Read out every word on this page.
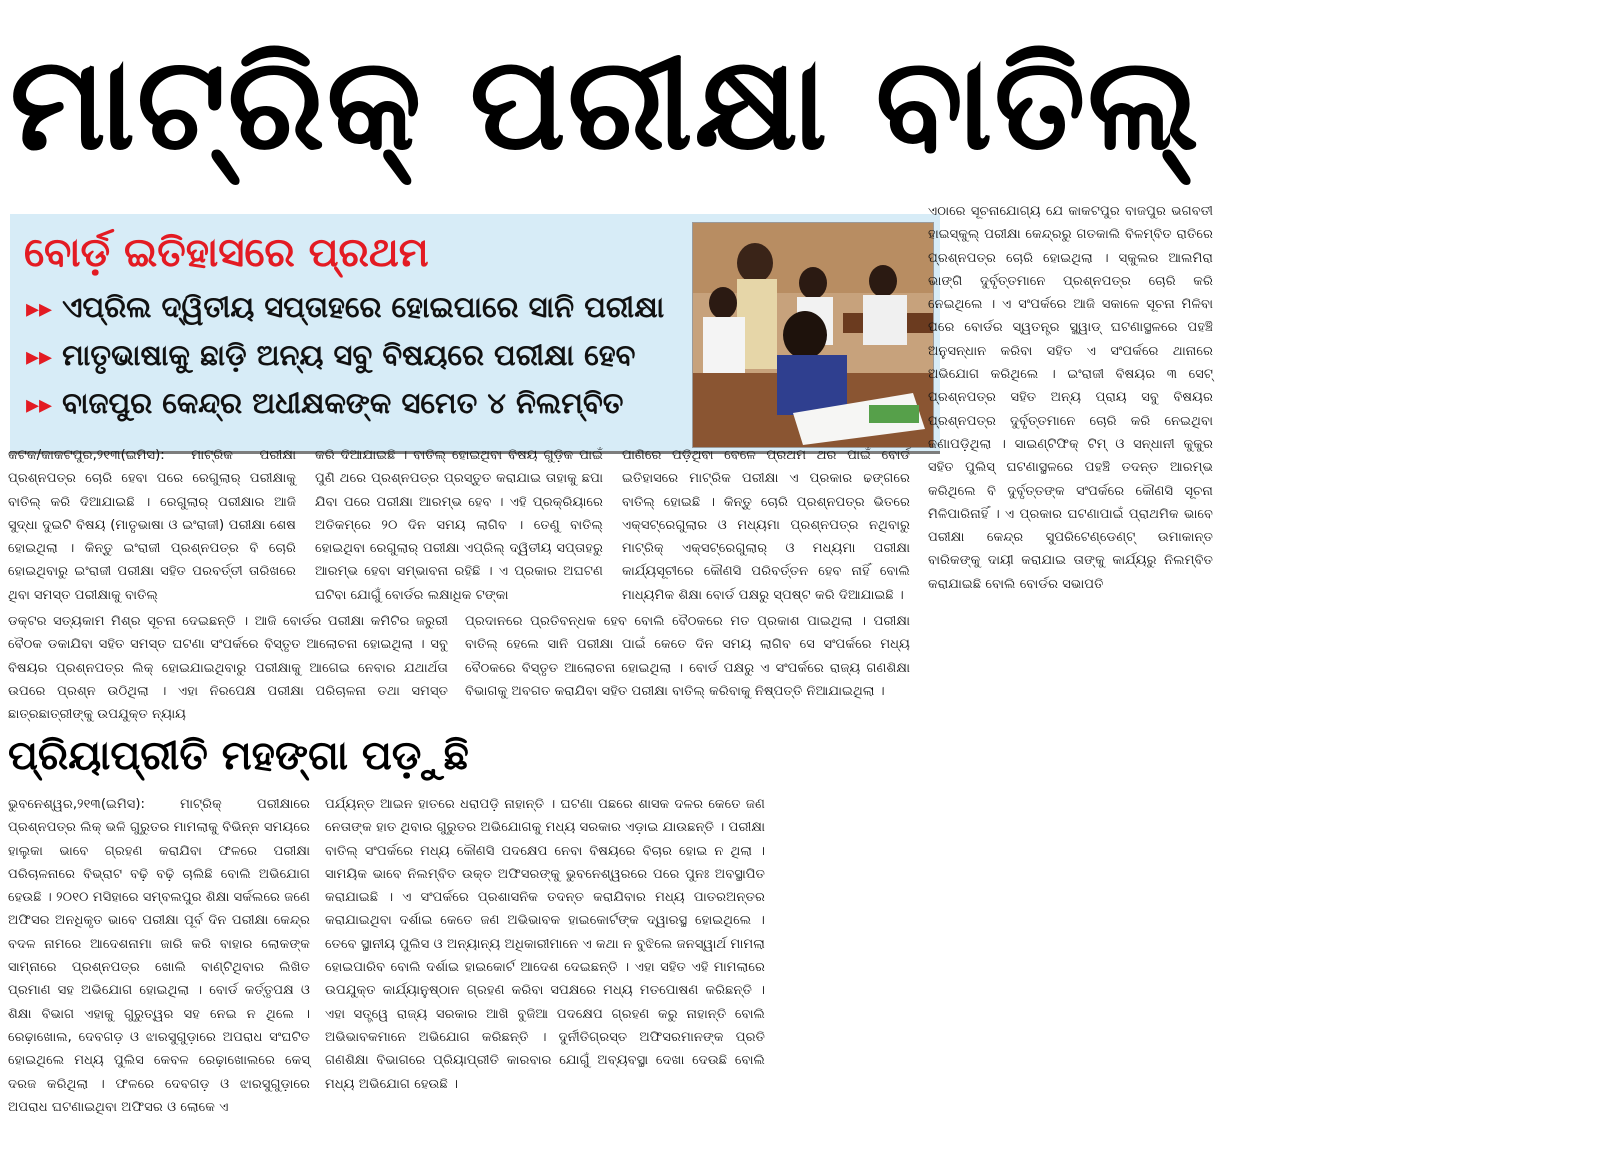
ମାଟ୍ରିକ୍ ପରୀକ୍ଷା ବାତିଲ୍
ବୋର୍ଡ଼ ଇତିହାସରେ ପ୍ରଥମ
▸▸ ଏପ୍ରିଲ ଦ୍ୱିତୀୟ ସପ୍ତାହରେ ହୋଇପାରେ ସାନି ପରୀକ୍ଷା
▸▸ ମାତୃଭାଷାକୁ ଛାଡ଼ି ଅନ୍ୟ ସବୁ ବିଷୟରେ ପରୀକ୍ଷା ହେବ
▸▸ ବାଜପୁର କେନ୍ଦ୍ର ଅଧୀକ୍ଷକଙ୍କ ସମେତ ୪ ନିଲମ୍ବିତ

କଟକ/କାକଟପୁର,୨୧୩(ଇମିସ): ମାଟ୍ରିକ ପରୀକ୍ଷା ପ୍ରଶ୍ନପତ୍ର ଚୋରି ହେବା ପରେ ରେଗୁଲାର୍ ପରୀକ୍ଷାକୁ ବାତିଲ୍ କରି ଦିଆଯାଇଛି । ରେଗୁଲାର୍ ପରୀକ୍ଷାର ଆଜି ସୁଦ୍ଧା ଦୁଇଟି ବିଷୟ (ମାତୃଭାଷା ଓ ଇଂରାଜୀ) ପରୀକ୍ଷା ଶେଷ ହୋଇଥିଲା । କିନ୍ତୁ ଇଂରାଜୀ ପ୍ରଶ୍ନପତ୍ର ବି ଚୋରି ହୋଇଥିବାରୁ ଇଂରାଜୀ ପରୀକ୍ଷା ସହିତ ପରବର୍ତ୍ତୀ ତାରିଖରେ ଥିବା ସମସ୍ତ ପରୀକ୍ଷାକୁ ବାତିଲ୍

କରି ଦିଆଯାଇଛି । ବାତିଲ୍ ହୋଇଥିବା ବିଷୟ ଗୁଡ଼ିକ ପାଇଁ ପୁଣି ଥରେ ପ୍ରଶ୍ନପତ୍ର ପ୍ରସ୍ତୁତ କରାଯାଇ ତାହାକୁ ଛପା ଯିବା ପରେ ପରୀକ୍ଷା ଆରମ୍ଭ ହେବ । ଏହି ପ୍ରକ୍ରିୟାରେ ଅତିକମ୍‌ରେ ୨୦ ଦିନ ସମୟ ଲାଗିବ । ତେଣୁ ବାତିଲ୍ ହୋଇଥିବା ରେଗୁଲାର୍ ପରୀକ୍ଷା ଏପ୍ରିଲ୍ ଦ୍ୱିତୀୟ ସପ୍ତାହରୁ ଆରମ୍ଭ ହେବା ସମ୍ଭାବନା ରହିଛି । ଏ ପ୍ରକାର ଅଘଟଣ ଘଟିବା ଯୋଗୁଁ ବୋର୍ଡର ଲକ୍ଷାଧିକ ଟଙ୍କା

ପାଣିରେ ପଡ଼ିଥିବା ବେଳେ ପ୍ରଥମ ଥର ପାଇଁ ବୋର୍ଡ ଇତିହାସରେ ମାଟ୍ରିକ ପରୀକ୍ଷା ଏ ପ୍ରକାର ଢଙ୍ଗରେ ବାତିଲ୍ ହୋଇଛି । କିନ୍ତୁ ଚୋରି ପ୍ରଶ୍ନପତ୍ର ଭିତରେ ଏକ୍ସଟ୍ରେଗୁଲାର ଓ ମଧ୍ୟମା ପ୍ରଶ୍ନପତ୍ର ନଥିବାରୁ ମାଟ୍ରିକ୍ ଏକ୍ସଟ୍ରେଗୁଲାର୍ ଓ ମଧ୍ୟମା ପରୀକ୍ଷା କାର୍ଯ୍ୟସୂଚୀରେ କୌଣସି ପରିବର୍ତ୍ତନ ହେବ ନାହିଁ ବୋଲି ମାଧ୍ୟମିକ ଶିକ୍ଷା ବୋର୍ଡ ପକ୍ଷରୁ ସ୍ପଷ୍ଟ କରି ଦିଆଯାଇଛି ।

ଡକ୍ଟର ସତ୍ୟକାମ ମିଶ୍ର ସୂଚନା ଦେଇଛନ୍ତି । ଆଜି ବୋର୍ଡର ପରୀକ୍ଷା କମିଟିର ଜରୁରୀ ବୈଠକ ଡକାଯିବା ସହିତ ସମସ୍ତ ଘଟଣା ସଂପର୍କରେ ବିସ୍ତୃତ ଆଲୋଚନା ହୋଇଥିଲା । ସବୁ ବିଷୟର ପ୍ରଶ୍ନପତ୍ର ଲିକ୍ ହୋଇଯାଇଥିବାରୁ ପରୀକ୍ଷାକୁ ଆଗେଇ ନେବାର ଯଥାର୍ଥତା ଉପରେ ପ୍ରଶ୍ନ ଉଠିଥିଲା । ଏହା ନିରପେକ୍ଷ ପରୀକ୍ଷା ପରିଚାଳନା ତଥା ସମସ୍ତ ଛାତ୍ରଛାତ୍ରୀଙ୍କୁ ଉପଯୁକ୍ତ ନ୍ୟାୟ

ପ୍ରଦାନରେ ପ୍ରତିବନ୍ଧକ ହେବ ବୋଲି ବୈଠକରେ ମତ ପ୍ରକାଶ ପାଇଥିଲା । ପରୀକ୍ଷା ବାତିଲ୍ ହେଲେ ସାନି ପରୀକ୍ଷା ପାଇଁ କେତେ ଦିନ ସମୟ ଲାଗିବ ସେ ସଂପର୍କରେ ମଧ୍ୟ ବୈଠକରେ ବିସ୍ତୃତ ଆଲୋଚନା ହୋଇଥିଲା । ବୋର୍ଡ ପକ୍ଷରୁ ଏ ସଂପର୍କରେ ରାଜ୍ୟ ଗଣଶିକ୍ଷା ବିଭାଗକୁ ଅବଗତ କରାଯିବା ସହିତ ପରୀକ୍ଷା ବାତିଲ୍ କରିବାକୁ ନିଷ୍ପତ୍ତି ନିଆଯାଇଥିଲା ।

ଏଠାରେ ସୂଚନାଯୋଗ୍ୟ ଯେ କାକଟପୁର ବାଜପୁର ଭଗବତୀ ହାଇସ୍କୁଲ୍ ପରୀକ୍ଷା କେନ୍ଦ୍ରରୁ ଗତକାଲି ବିଳମ୍ବିତ ରାତିରେ ପ୍ରଶ୍ନପତ୍ର ଚୋରି ହୋଇଥିଲା । ସ୍କୁଲର ଆଲମିରା ଭାଙ୍ଗି ଦୁର୍ବୃତ୍ତମାନେ ପ୍ରଶ୍ନପତ୍ର ଚୋରି କରି ନେଇଥିଲେ । ଏ ସଂପର୍କରେ ଆଜି ସକାଳେ ସୂଚନା ମିଳିବା ପରେ ବୋର୍ଡର ସ୍ୱତନ୍ତ୍ର ସ୍କ୍ୱାଡ୍ ଘଟଣାସ୍ଥଳରେ ପହଞ୍ଚି ଅନୁସନ୍ଧାନ କରିବା ସହିତ ଏ ସଂପର୍କରେ ଥାନାରେ ଅଭିଯୋଗ କରିଥିଲେ । ଇଂରାଜୀ ବିଷୟର ୩ ସେଟ୍ ପ୍ରଶ୍ନପତ୍ର ସହିତ ଅନ୍ୟ ପ୍ରାୟ ସବୁ ବିଷୟର ପ୍ରଶ୍ନପତ୍ର ଦୁର୍ବୃତ୍ତମାନେ ଚୋରି କରି ନେଇଥିବା ଜଣାପଡ଼ିଥିଲା । ସାଇଣ୍ଟିଫିକ୍ ଟିମ୍ ଓ ସନ୍ଧାନୀ କୁକୁର ସହିତ ପୁଲିସ୍ ଘଟଣାସ୍ଥଳରେ ପହଞ୍ଚି ତଦନ୍ତ ଆରମ୍ଭ କରିଥିଲେ ବି ଦୁର୍ବୃତ୍ତଙ୍କ ସଂପର୍କରେ କୌଣସି ସୂଚନା ମିଳିପାରିନାହିଁ । ଏ ପ୍ରକାର ଘଟଣାପାଇଁ ପ୍ରାଥମିକ ଭାବେ ପରୀକ୍ଷା କେନ୍ଦ୍ର ସୁପରିଟେଣ୍ଡେଣ୍ଟ୍ ଉମାକାନ୍ତ ବାରିକଙ୍କୁ ଦାୟୀ କରାଯାଇ ତାଙ୍କୁ କାର୍ଯ୍ୟରୁ ନିଲମ୍ବିତ କରାଯାଇଛି ବୋଲି ବୋର୍ଡର ସଭାପତି

ପ୍ରିୟାପ୍ରୀତି ମହଙ୍ଗା ପଡ଼ୁଛି

ଭୁବନେଶ୍ୱର,୨୧୩(ଇମିସ): ମାଟ୍ରିକ୍ ପରୀକ୍ଷାରେ ପ୍ରଶ୍ନପତ୍ର ଲିକ୍ ଭଳି ଗୁରୁତର ମାମଲାକୁ ବିଭିନ୍ନ ସମୟରେ ହାଲୁକା ଭାବେ ଗ୍ରହଣ କରାଯିବା ଫଳରେ ପରୀକ୍ଷା ପରିଚାଳନାରେ ବିଭ୍ରାଟ ବଢ଼ି ବଢ଼ି ଚାଲିଛି ବୋଲି ଅଭିଯୋଗ ହେଉଛି । ୨୦୧୦ ମସିହାରେ ସମ୍ବଲପୁର ଶିକ୍ଷା ସର୍କଲରେ ଜଣେ ଅଫିସର ଅନଧିକୃତ ଭାବେ ପରୀକ୍ଷା ପୂର୍ବ ଦିନ ପରୀକ୍ଷା କେନ୍ଦ୍ର ବଦଳ ନାମରେ ଆଦେଶନାମା ଜାରି କରି ବାହାର ଲୋକଙ୍କ ସାମ୍ନାରେ ପ୍ରଶ୍ନପତ୍ର ଖୋଲି ବାଣ୍ଟିଥିବାର ଲିଖିତ ପ୍ରମାଣ ସହ ଅଭିଯୋଗ ହୋଇଥିଲା । ବୋର୍ଡ କର୍ତ୍ତୃପକ୍ଷ ଓ ଶିକ୍ଷା ବିଭାଗ ଏହାକୁ ଗୁରୁତ୍ୱର ସହ ନେଇ ନ ଥିଲେ । ରେଢ଼ାଖୋଲ, ଦେବଗଡ଼ ଓ ଝାରସୁଗୁଡ଼ାରେ ଅପରାଧ ସଂଘଟିତ ହୋଇଥିଲେ ମଧ୍ୟ ପୁଲିସ କେବଳ ରେଢ଼ାଖୋଲରେ କେସ୍ ଦରଜ କରିଥିଲା । ଫଳରେ ଦେବଗଡ଼ ଓ ଝାରସୁଗୁଡ଼ାରେ ଅପରାଧ ଘଟଣାଇଥିବା ଅଫିସର ଓ ଲୋକେ ଏ

ପର୍ଯ୍ୟନ୍ତ ଆଇନ ହାତରେ ଧରାପଡ଼ି ନାହାନ୍ତି । ଘଟଣା ପଛରେ ଶାସକ ଦଳର କେତେ ଜଣ ନେତାଙ୍କ ହାତ ଥିବାର ଗୁରୁତର ଅଭିଯୋଗକୁ ମଧ୍ୟ ସରକାର ଏଡ଼ାଇ ଯାଉଛନ୍ତି । ପରୀକ୍ଷା ବାତିଲ୍ ସଂପର୍କରେ ମଧ୍ୟ କୌଣସି ପଦକ୍ଷେପ ନେବା ବିଷୟରେ ବିଚାର ହୋଇ ନ ଥିଲା । ସାମୟିକ ଭାବେ ନିଲମ୍ବିତ ଉକ୍ତ ଅଫିସରଙ୍କୁ ଭୁବନେଶ୍ୱରରେ ପରେ ପୁନଃ ଅବସ୍ଥାପିତ କରାଯାଇଛି । ଏ ସଂପର୍କରେ ପ୍ରଶାସନିକ ତଦନ୍ତ କରାଯିବାର ମଧ୍ୟ ପାତରଅନ୍ତର କରାଯାଇଥିବା ଦର୍ଶାଇ କେତେ ଜଣ ଅଭିଭାବକ ହାଇକୋର୍ଟଙ୍କ ଦ୍ୱାରସ୍ଥ ହୋଇଥିଲେ । ତେବେ ସ୍ଥାନୀୟ ପୁଲିସ ଓ ଅନ୍ୟାନ୍ୟ ଅଧିକାରୀମାନେ ଏ କଥା ନ ବୁଝିଲେ ଜନସ୍ୱାର୍ଥ ମାମଲା ହୋଇପାରିବ ବୋଲି ଦର୍ଶାଇ ହାଇକୋର୍ଟ ଆଦେଶ ଦେଇଛନ୍ତି । ଏହା ସହିତ ଏହି ମାମଲାରେ ଉପଯୁକ୍ତ କାର୍ଯ୍ୟାନୁଷ୍ଠାନ ଗ୍ରହଣ କରିବା ସପକ୍ଷରେ ମଧ୍ୟ ମତପୋଷଣ କରିଛନ୍ତି । ଏହା ସତ୍ତ୍ୱେ ରାଜ୍ୟ ସରକାର ଆଖି ବୁଜିଆ ପଦକ୍ଷେପ ଗ୍ରହଣ କରୁ ନାହାନ୍ତି ବୋଲି ଅଭିଭାବକମାନେ ଅଭିଯୋଗ କରିଛନ୍ତି । ଦୁର୍ନୀତିଗ୍ରସ୍ତ ଅଫିସରମାନଙ୍କ ପ୍ରତି ଗଣଶିକ୍ଷା ବିଭାଗରେ ପ୍ରିୟାପ୍ରୀତି କାରବାର ଯୋଗୁଁ ଅବ୍ୟବସ୍ଥା ଦେଖା ଦେଉଛି ବୋଲି ମଧ୍ୟ ଅଭିଯୋଗ ହେଉଛି ।
